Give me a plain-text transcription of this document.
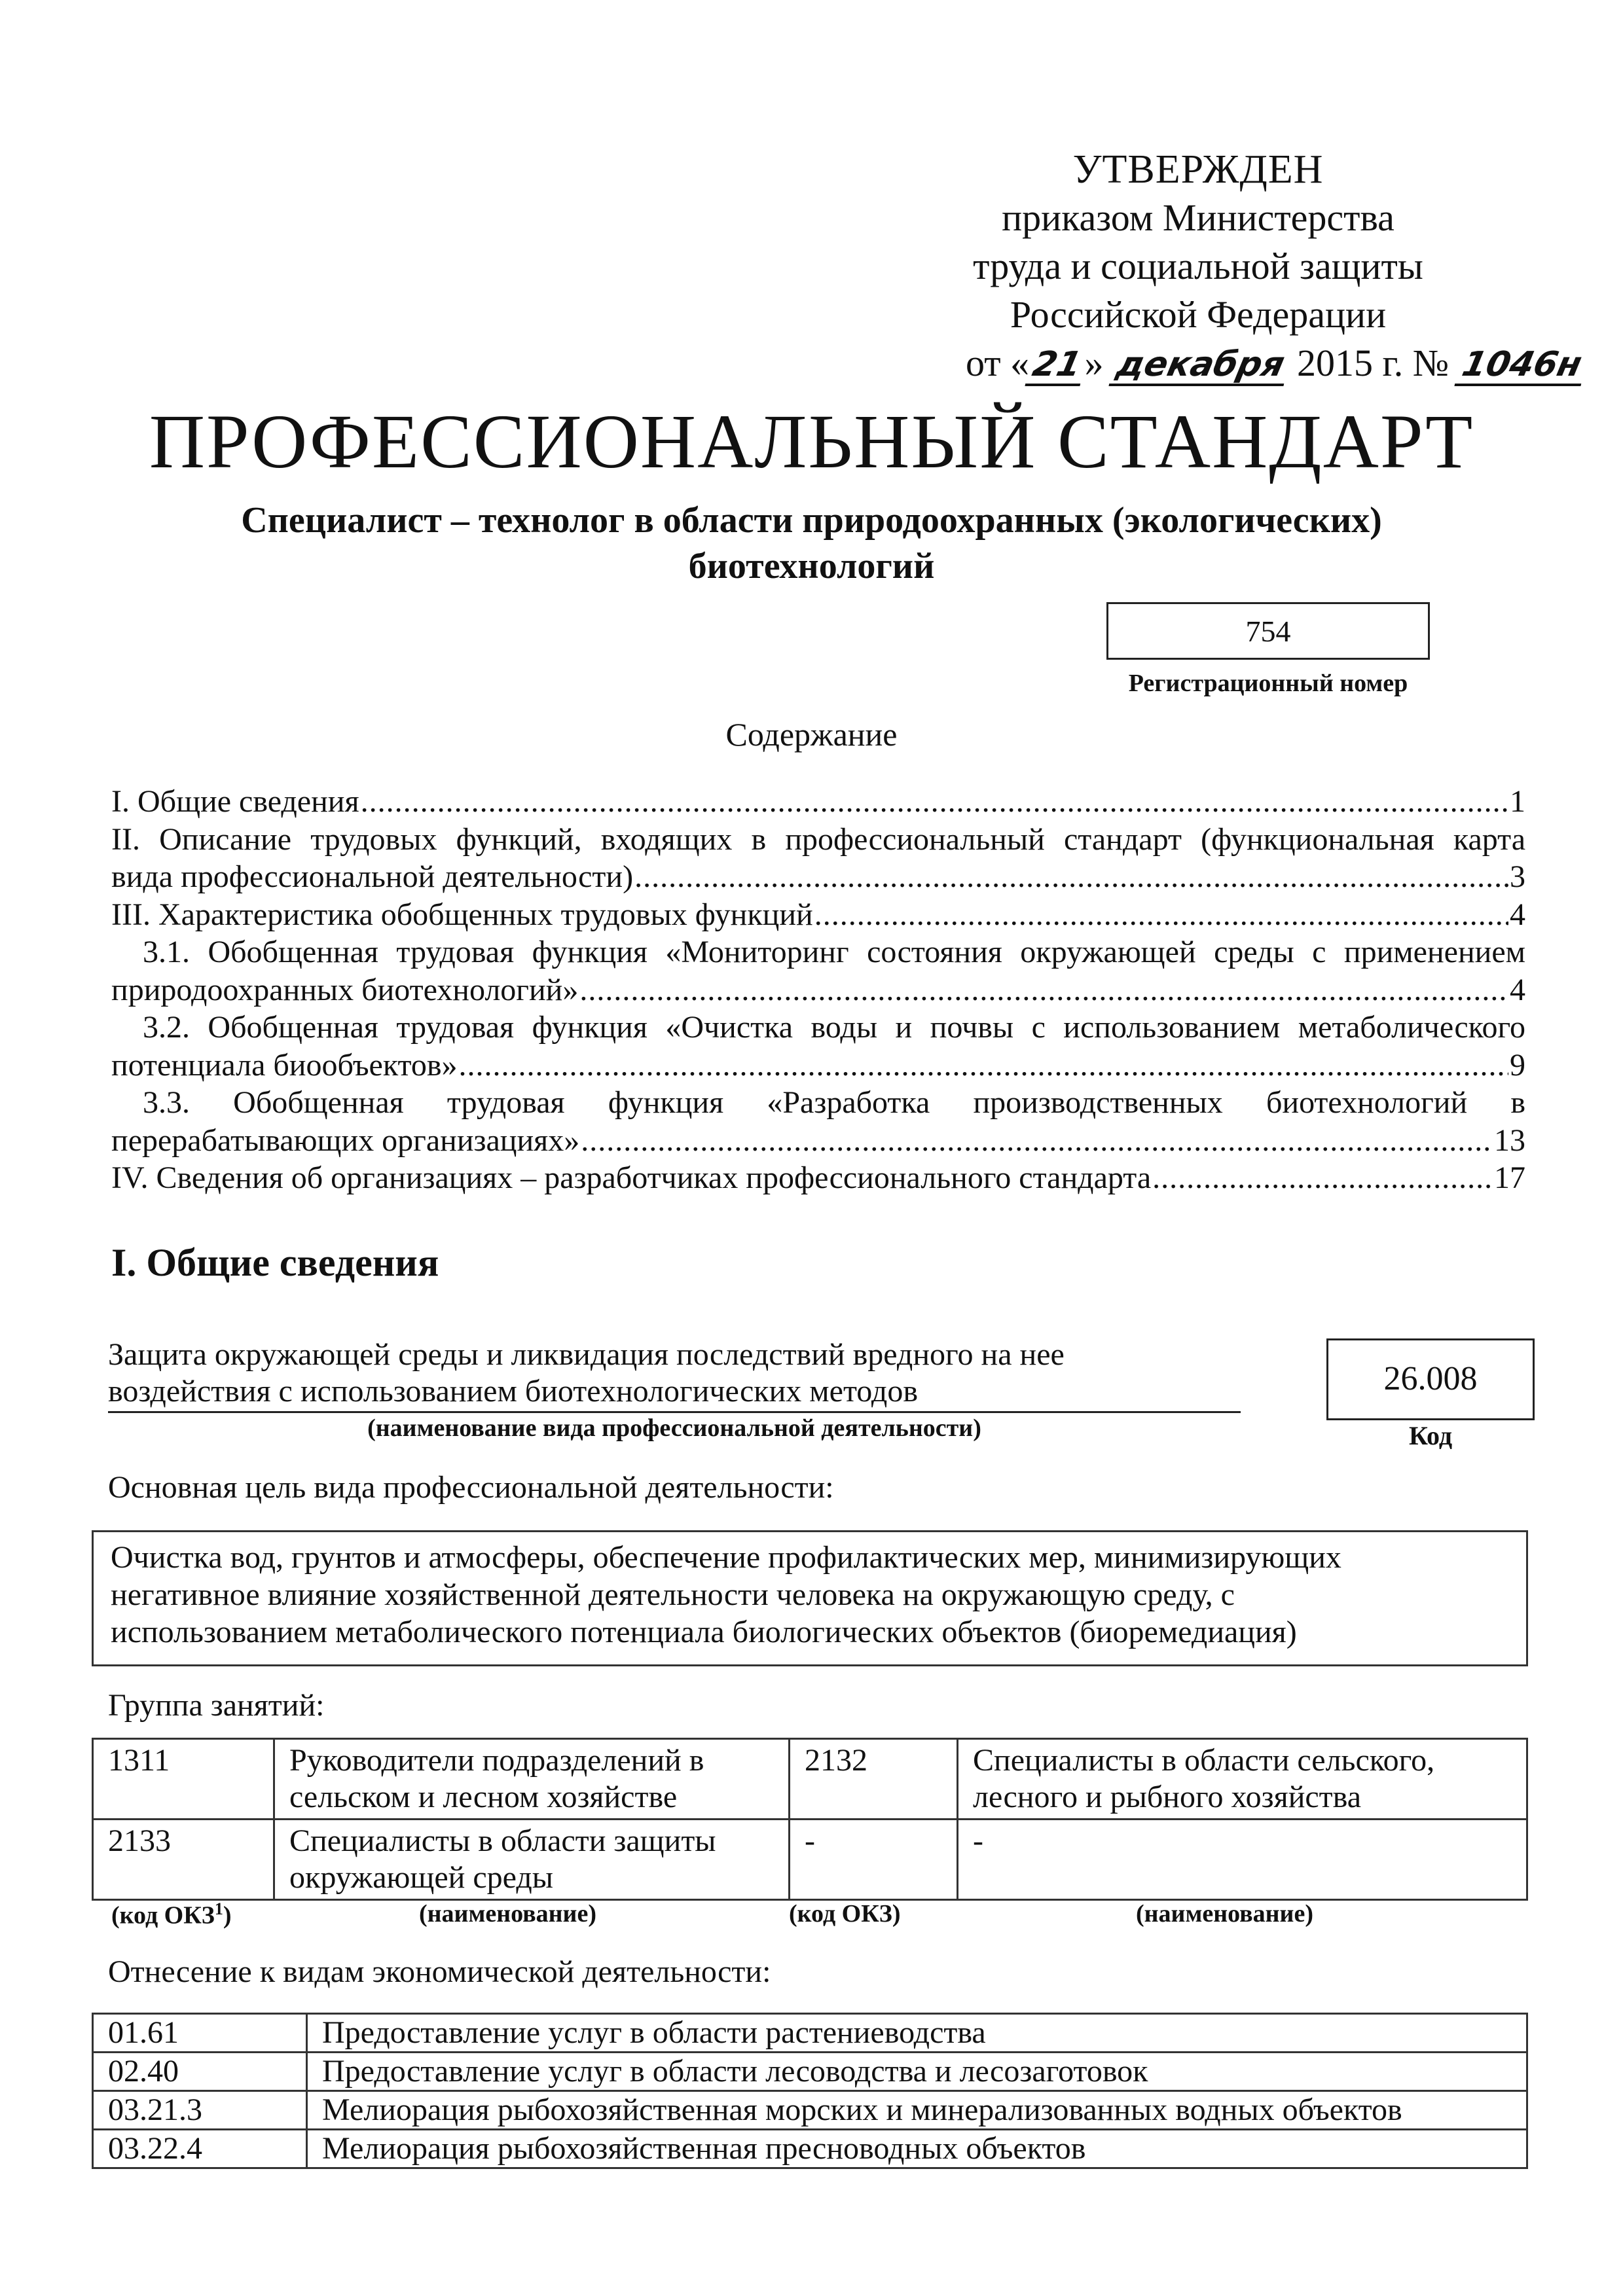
УТВЕРЖДЕН
приказом Министерства
труда и социальной защиты
Российской Федерации
от «21» декабря 2015 г. № 1046н
ПРОФЕССИОНАЛЬНЫЙ СТАНДАРТ
Специалист – технолог в области природоохранных (экологических)
биотехнологий
754
Регистрационный номер
Содержание
I. Общие сведения .....	1
II. Описание трудовых функций, входящих в профессиональный стандарт (функциональная карта
вида профессиональной деятельности) .....	3
III. Характеристика обобщенных трудовых функций .....	4
3.1. Обобщенная трудовая функция «Мониторинг состояния окружающей среды с применением
природоохранных биотехнологий» .....	4
3.2. Обобщенная трудовая функция «Очистка воды и почвы с использованием метаболического
потенциала биообъектов» .....	9
3.3. Обобщенная трудовая функция «Разработка производственных биотехнологий в
перерабатывающих организациях» .....	13
IV. Сведения об организациях – разработчиках профессионального стандарта .....	17
I. Общие сведения
Защита окружающей среды и ликвидация последствий вредного на нее
воздействия с использованием биотехнологических методов
(наименование вида профессиональной деятельности)
26.008
Код
Основная цель вида профессиональной деятельности:
Очистка вод, грунтов и атмосферы, обеспечение профилактических мер, минимизирующих
негативное влияние хозяйственной деятельности человека на окружающую среду, с
использованием метаболического потенциала биологических объектов (биоремедиация)
Группа занятий:
1311	Руководители подразделений в сельском и лесном хозяйстве	2132	Специалисты в области сельского, лесного и рыбного хозяйства
2133	Специалисты в области защиты окружающей среды	-	-
(код ОКЗ$^1$)	(наименование)	(код ОКЗ)	(наименование)
Отнесение к видам экономической деятельности:
01.61	Предоставление услуг в области растениеводства
02.40	Предоставление услуг в области лесоводства и лесозаготовок
03.21.3	Мелиорация рыбохозяйственная морских и минерализованных водных объектов
03.22.4	Мелиорация рыбохозяйственная пресноводных объектов
